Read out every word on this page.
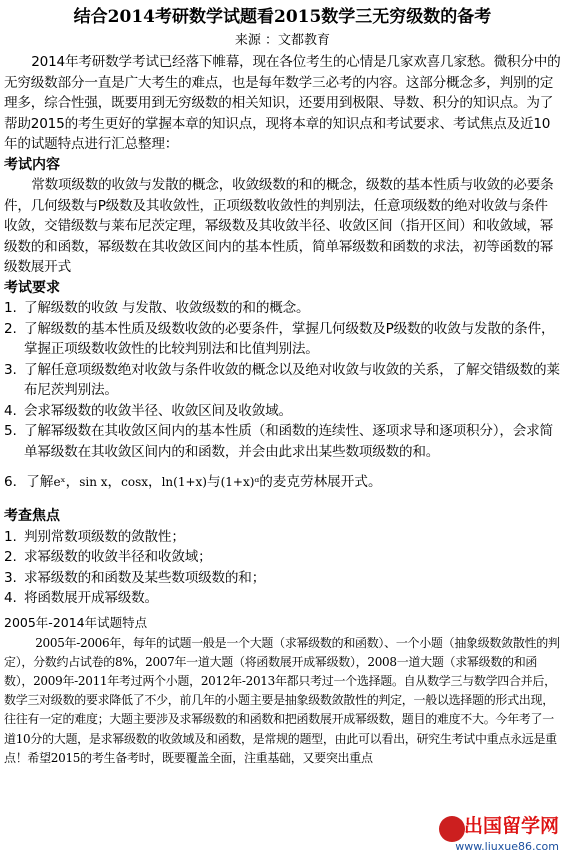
结合2014考研数学试题看2015数学三无穷级数的备考

来源 ：文都教育

2014年考研数学考试已经落下帷幕，现在各位考生的心情是几家欢喜几家愁。微积分中的无穷级数部分一直是广大考生的难点，也是每年数学三必考的内容。这部分概念多，判别的定理多，综合性强，既要用到无穷级数的相关知识，还要用到极限、导数、积分的知识点。为了帮助2015的考生更好的掌握本章的知识点，现将本章的知识点和考试要求、考试焦点及近10年的试题特点进行汇总整理：

考试内容

常数项级数的收敛与发散的概念，收敛级数的和的概念，级数的基本性质与收敛的必要条件，几何级数与P级数及其收敛性，正项级数收敛性的判别法，任意项级数的绝对收敛与条件收敛，交错级数与莱布尼茨定理，幂级数及其收敛半径、收敛区间（指开区间）和收敛域，幂级数的和函数，幂级数在其收敛区间内的基本性质，简单幂级数和函数的求法，初等函数的幂级数展开式

考试要求

1. 了解级数的收敛 与发散、收敛级数的和的概念。
2. 了解级数的基本性质及级数收敛的必要条件，掌握几何级数及P级数的收敛与发散的条件，掌握正项级数收敛性的比较判别法和比值判别法。
3. 了解任意项级数绝对收敛与条件收敛的概念以及绝对收敛与收敛的关系，了解交错级数的莱布尼茨判别法。
4. 会求幂级数的收敛半径、收敛区间及收敛域。
5. 了解幂级数在其收敛区间内的基本性质（和函数的连续性、逐项求导和逐项积分），会求简单幂级数在其收敛区间内的和函数，并会由此求出某些数项级数的和。
6．了解eˣ，sin x，cosx，ln(1+x)与(1+x)ᵅ的麦克劳林展开式。

考查焦点

1. 判别常数项级数的敛散性；
2. 求幂级数的收敛半径和收敛域；
3. 求幂级数的和函数及某些数项级数的和；
4. 将函数展开成幂级数。

2005年-2014年试题特点

2005年-2006年，每年的试题一般是一个大题（求幂级数的和函数）、一个小题（抽象级数敛散性的判定），分数约占试卷的8%，2007年一道大题（将函数展开成幂级数），2008一道大题（求幂级数的和函数），2009年-2011年考过两个小题，2012年-2013年都只考过一个选择题。自从数学三与数学四合并后，数学三对级数的要求降低了不少，前几年的小题主要是抽象级数敛散性的判定，一般以选择题的形式出现，往往有一定的难度；大题主要涉及求幂级数的和函数和把函数展开成幂级数，题目的难度不大。今年考了一道10分的大题，是求幂级数的收敛域及和函数，是常规的题型，由此可以看出，研究生考试中重点永远是重点！希望2015的考生备考时，既要覆盖全面，注重基础，又要突出重点

出国留学网
www.liuxue86.com
